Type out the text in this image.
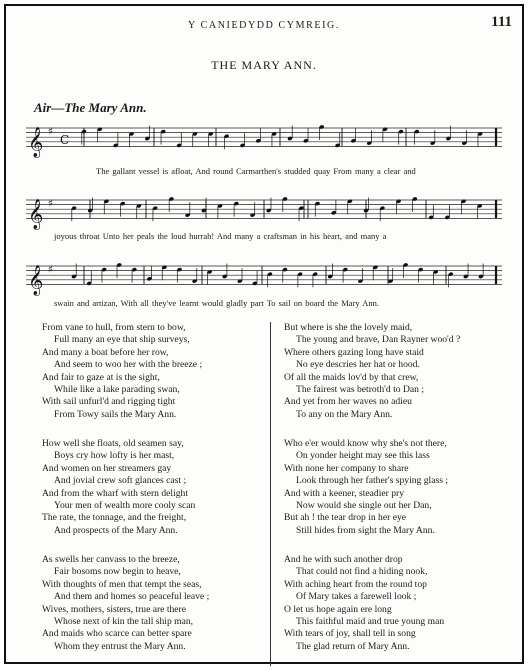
Y CANIEDYDD CYMREIG.	111
THE MARY ANN.
Air—The Mary Ann.
𝄞 ♯
C
The gallant vessel is afloat, And round Carmarthen's studded quay From many a clear and
𝄞 ♯
joyous throat Unto her peals the loud hurrah! And many a craftsman in his heart, and many a
𝄞 ♯
swain and artizan, With all they've learnt would gladly part To sail on board the Mary Ann.
From vane to hull, from stern to bow,
Full many an eye that ship surveys,
And many a boat before her row,
And seem to woo her with the breeze ;
And fair to gaze at is the sight,
While like a lake parading swan,
With sail unfurl'd and rigging tight
From Towy sails the Mary Ann.
How well she floats, old seamen say,
Boys cry how lofty is her mast,
And women on her streamers gay
And jovial crew soft glances cast ;
And from the wharf with stern delight
Your men of wealth more cooly scan
The rate, the tonnage, and the freight,
And prospects of the Mary Ann.
As swells her canvass to the breeze,
Fair bosoms now begin to heave,
With thoughts of men that tempt the seas,
And them and homes so peaceful leave ;
Wives, mothers, sisters, true are there
Whose next of kin the tall ship man,
And maids who scarce can better spare
Whom they entrust the Mary Ann.
But where is she the lovely maid,
The young and brave, Dan Rayner woo'd ?
Where others gazing long have staid
No eye descries her hat or hood.
Of all the maids lov'd by that crew,
The fairest was betroth'd to Dan ;
And yet from her waves no adieu
To any on the Mary Ann.
Who e'er would know why she's not there,
On yonder height may see this lass
With none her company to share
Look through her father's spying glass ;
And with a keener, steadier pry
Now would she single out her Dan,
But ah ! the tear drop in her eye
Still hides from sight the Mary Ann.
And he with such another drop
That could not find a hiding nook,
With aching heart from the round top
Of Mary takes a farewell look ;
O let us hope again ere long
This faithful maid and true young man
With tears of joy, shall tell in song
The glad return of Mary Ann.
